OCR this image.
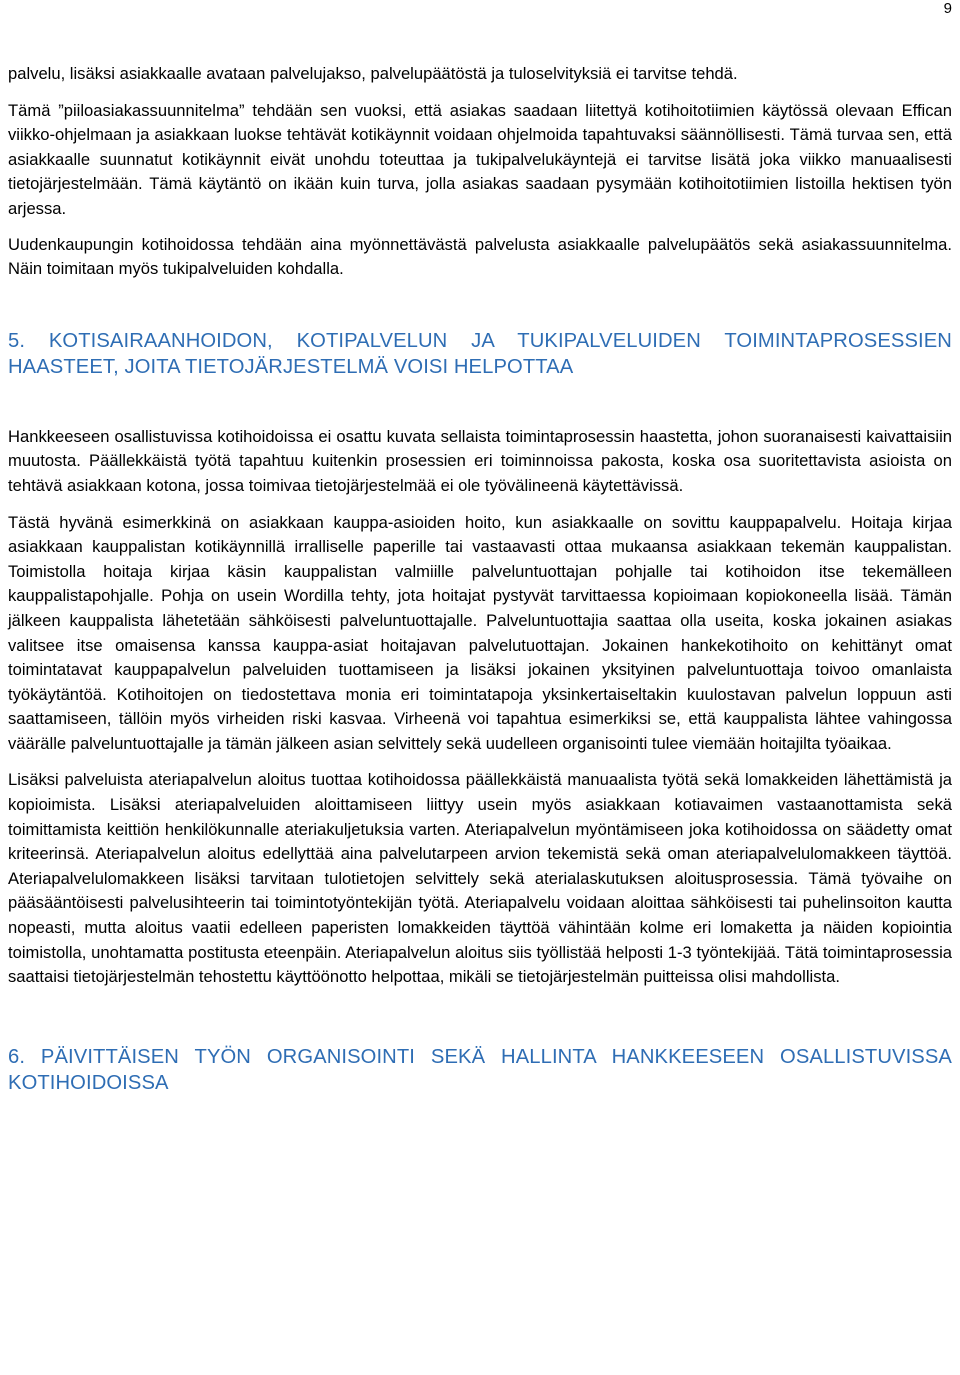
9

palvelu, lisäksi asiakkaalle avataan palvelujakso, palvelupäätöstä ja tuloselvityksiä ei tarvitse tehdä.

Tämä ”piiloasiakassuunnitelma” tehdään sen vuoksi, että asiakas saadaan liitettyä kotihoitotiimien käytössä olevaan Effican viikko-ohjelmaan ja asiakkaan luokse tehtävät kotikäynnit voidaan ohjelmoida tapahtuvaksi säännöllisesti. Tämä turvaa sen, että asiakkaalle suunnatut kotikäynnit eivät unohdu toteuttaa ja tukipalvelukäyntejä ei tarvitse lisätä joka viikko manuaalisesti tietojärjestelmään. Tämä käytäntö on ikään kuin turva, jolla asiakas saadaan pysymään kotihoitotiimien listoilla hektisen työn arjessa.

Uudenkaupungin kotihoidossa tehdään aina myönnettävästä palvelusta asiakkaalle palvelupäätös sekä asiakassuunnitelma. Näin toimitaan myös tukipalveluiden kohdalla.

5. KOTISAIRAANHOIDON, KOTIPALVELUN JA TUKIPALVELUIDEN TOIMINTAPROSESSIEN HAASTEET, JOITA TIETOJÄRJESTELMÄ VOISI HELPOTTAA

Hankkeeseen osallistuvissa kotihoidoissa ei osattu kuvata sellaista toimintaprosessin haastetta, johon suoranaisesti kaivattaisiin muutosta. Päällekkäistä työtä tapahtuu kuitenkin prosessien eri toiminnoissa pakosta, koska osa suoritettavista asioista on tehtävä asiakkaan kotona, jossa toimivaa tietojärjestelmää ei ole työvälineenä käytettävissä.

Tästä hyvänä esimerkkinä on asiakkaan kauppa-asioiden hoito, kun asiakkaalle on sovittu kauppapalvelu. Hoitaja kirjaa asiakkaan kauppalistan kotikäynnillä irralliselle paperille tai vastaavasti ottaa mukaansa asiakkaan tekemän kauppalistan. Toimistolla hoitaja kirjaa käsin kauppalistan valmiille palveluntuottajan pohjalle tai kotihoidon itse tekemälleen kauppalistapohjalle. Pohja on usein Wordilla tehty, jota hoitajat pystyvät tarvittaessa kopioimaan kopiokoneella lisää. Tämän jälkeen kauppalista lähetetään sähköisesti palveluntuottajalle. Palveluntuottajia saattaa olla useita, koska jokainen asiakas valitsee itse omaisensa kanssa kauppa-asiat hoitajavan palvelutuottajan. Jokainen hankekotihoito on kehittänyt omat toimintatavat kauppapalvelun palveluiden tuottamiseen ja lisäksi jokainen yksityinen palveluntuottaja toivoo omanlaista työkäytäntöä. Kotihoitojen on tiedostettava monia eri toimintatapoja yksinkertaiseltakin kuulostavan palvelun loppuun asti saattamiseen, tällöin myös virheiden riski kasvaa. Virheenä voi tapahtua esimerkiksi se, että kauppalista lähtee vahingossa väärälle palveluntuottajalle ja tämän jälkeen asian selvittely sekä uudelleen organisointi tulee viemään hoitajilta työaikaa.

Lisäksi palveluista ateriapalvelun aloitus tuottaa kotihoidossa päällekkäistä manuaalista työtä sekä lomakkeiden lähettämistä ja kopioimista. Lisäksi ateriapalveluiden aloittamiseen liittyy usein myös asiakkaan kotiavaimen vastaanottamista sekä toimittamista keittiön henkilökunnalle ateriakuljetuksia varten. Ateriapalvelun myöntämiseen joka kotihoidossa on säädetty omat kriteerinsä. Ateriapalvelun aloitus edellyttää aina palvelutarpeen arvion tekemistä sekä oman ateriapalvelulomakkeen täyttöä. Ateriapalvelulomakkeen lisäksi tarvitaan tulotietojen selvittely sekä aterialaskutuksen aloitusprosessia. Tämä työvaihe on pääsääntöisesti palvelusihteerin tai toimintotyöntekijän työtä. Ateriapalvelu voidaan aloittaa sähköisesti tai puhelinsoiton kautta nopeasti, mutta aloitus vaatii edelleen paperisten lomakkeiden täyttöä vähintään kolme eri lomaketta ja näiden kopiointia toimistolla, unohtamatta postitusta eteenpäin. Ateriapalvelun aloitus siis työllistää helposti 1-3 työntekijää. Tätä toimintaprosessia saattaisi tietojärjestelmän tehostettu käyttöönotto helpottaa, mikäli se tietojärjestelmän puitteissa olisi mahdollista.

6. PÄIVITTÄISEN TYÖN ORGANISOINTI SEKÄ HALLINTA HANKKEESEEN OSALLISTUVISSA KOTIHOIDOISSA
